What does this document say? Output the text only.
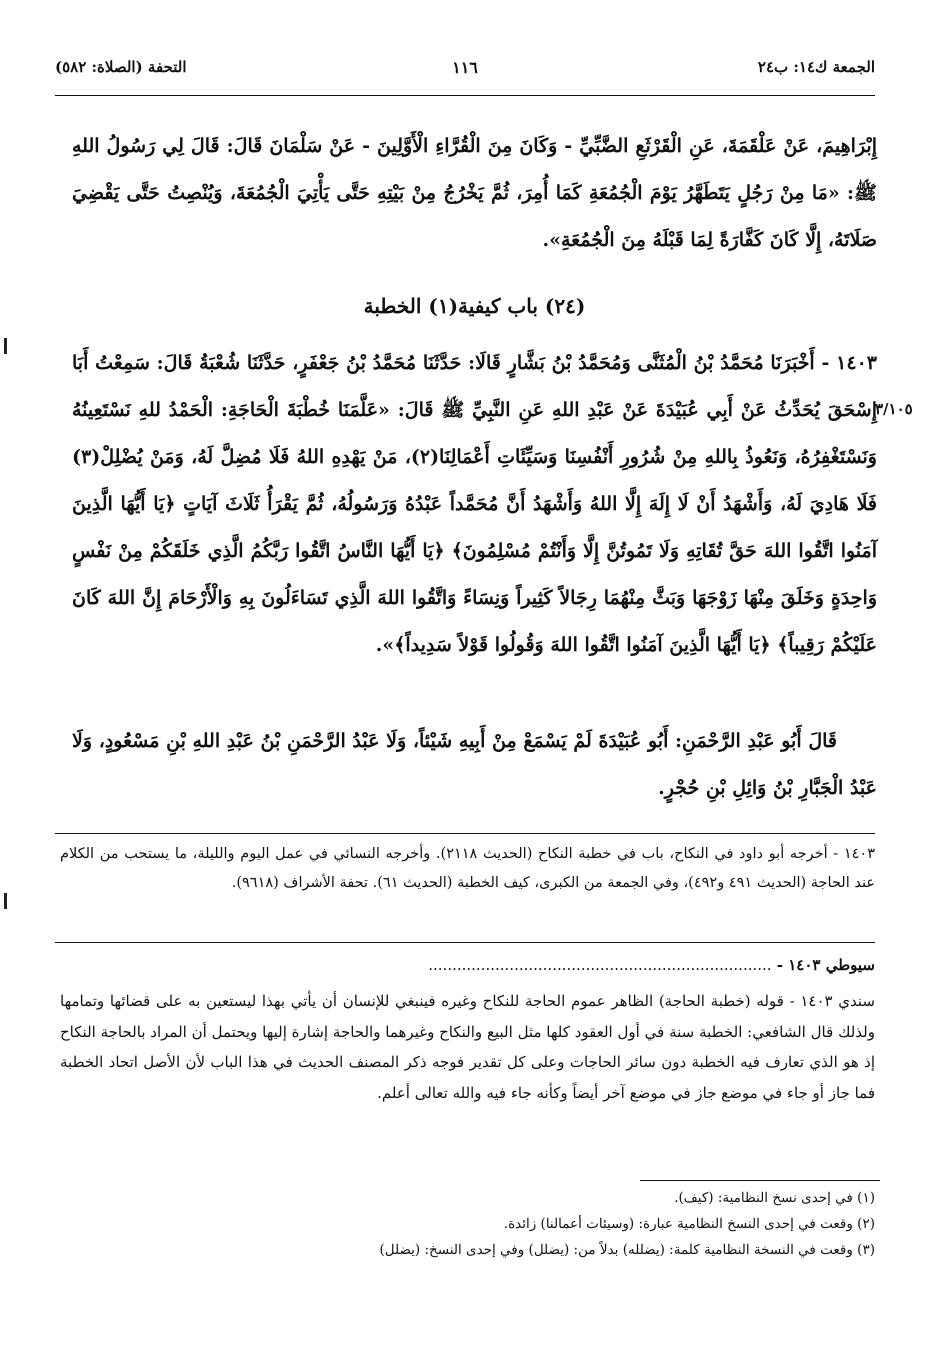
الجمعة ك١٤: ب٢٤
١١٦
التحفة (الصلاة: ٥٨٢)
٣/١٠٥
إِبْرَاهِيمَ، عَنْ عَلْقَمَةَ، عَنِ الْقَرْثَعِ الضَّبِّيِّ - وَكَانَ مِنَ الْقُرَّاءِ الْأَوَّلِينَ - عَنْ سَلْمَانَ قَالَ: قَالَ لِي رَسُولُ اللهِ ﷺ: «مَا مِنْ رَجُلٍ يَتَطَهَّرُ يَوْمَ الْجُمُعَةِ كَمَا أُمِرَ، ثُمَّ يَخْرُجُ مِنْ بَيْتِهِ حَتَّى يَأْتِيَ الْجُمُعَةَ، وَيُنْصِتُ حَتَّى يَقْضِيَ صَلَاتَهُ، إِلَّا كَانَ كَفَّارَةً لِمَا قَبْلَهُ مِنَ الْجُمُعَةِ».
(٢٤) باب كيفية(١) الخطبة
١٤٠٣ - أَخْبَرَنَا مُحَمَّدُ بْنُ الْمُثَنَّى وَمُحَمَّدُ بْنُ بَشَّارٍ قَالَا: حَدَّثَنَا مُحَمَّدُ بْنُ جَعْفَرٍ، حَدَّثَنَا شُعْبَةُ قَالَ: سَمِعْتُ أَبَا إِسْحَقَ يُحَدِّثُ عَنْ أَبِي عُبَيْدَةَ عَنْ عَبْدِ اللهِ عَنِ النَّبِيِّ ﷺ قَالَ: «عَلَّمَنَا خُطْبَةَ الْحَاجَةِ: الْحَمْدُ للهِ نَسْتَعِينُهُ وَنَسْتَغْفِرُهُ، وَنَعُوذُ بِاللهِ مِنْ شُرُورِ أَنْفُسِنَا وَسَيِّئَاتِ أَعْمَالِنَا(٢)، مَنْ يَهْدِهِ اللهُ فَلَا مُضِلَّ لَهُ، وَمَنْ يُضْلِلْ(٣) فَلَا هَادِيَ لَهُ، وَأَشْهَدُ أَنْ لَا إِلَهَ إِلَّا اللهُ وَأَشْهَدُ أَنَّ مُحَمَّداً عَبْدُهُ وَرَسُولُهُ، ثُمَّ يَقْرَأُ ثَلَاثَ آيَاتٍ ﴿يَا أَيُّهَا الَّذِينَ آمَنُوا اتَّقُوا اللهَ حَقَّ تُقَاتِهِ وَلَا تَمُوتُنَّ إِلَّا وَأَنْتُمْ مُسْلِمُونَ﴾ ﴿يَا أَيُّهَا النَّاسُ اتَّقُوا رَبَّكُمُ الَّذِي خَلَقَكُمْ مِنْ نَفْسٍ وَاحِدَةٍ وَخَلَقَ مِنْهَا زَوْجَهَا وَبَثَّ مِنْهُمَا رِجَالاً كَثِيراً وَنِسَاءً وَاتَّقُوا اللهَ الَّذِي تَسَاءَلُونَ بِهِ وَالْأَرْحَامَ إِنَّ اللهَ كَانَ عَلَيْكُمْ رَقِيباً﴾ ﴿يَا أَيُّهَا الَّذِينَ آمَنُوا اتَّقُوا اللهَ وَقُولُوا قَوْلاً سَدِيداً﴾».
قَالَ أَبُو عَبْدِ الرَّحْمَنِ: أَبُو عُبَيْدَةَ لَمْ يَسْمَعْ مِنْ أَبِيهِ شَيْئاً، وَلَا عَبْدُ الرَّحْمَنِ بْنُ عَبْدِ اللهِ بْنِ مَسْعُودٍ، وَلَا عَبْدُ الْجَبَّارِ بْنُ وَائِلِ بْنِ حُجْرٍ.
١٤٠٣ - أخرجه أبو داود في النكاح، باب في خطبة النكاح (الحديث ٢١١٨). وأخرجه النسائي في عمل اليوم والليلة، ما يستحب من الكلام عند الحاجة (الحديث ٤٩١ و٤٩٢)، وفي الجمعة من الكبرى، كيف الخطبة (الحديث ٦١). تحفة الأشراف (٩٦١٨).
سيوطي ١٤٠٣ - ........................................................................
سندي ١٤٠٣ - قوله (خطبة الحاجة) الظاهر عموم الحاجة للنكاح وغيره فينبغي للإنسان أن يأتي بهذا ليستعين به على قضائها وتمامها ولذلك قال الشافعي: الخطبة سنة في أول العقود كلها مثل البيع والنكاح وغيرهما والحاجة إشارة إليها ويحتمل أن المراد بالحاجة النكاح إذ هو الذي تعارف فيه الخطبة دون سائر الحاجات وعلى كل تقدير فوجه ذكر المصنف الحديث في هذا الباب لأن الأصل اتحاد الخطبة فما جاز أو جاء في موضع جاز في موضع آخر أيضاً وكأنه جاء فيه والله تعالى أعلم.
(١) في إحدى نسخ النظامية: (كيف).
(٢) وقعت في إحدى النسخ النظامية عبارة: (وسيئات أعمالنا) زائدة.
(٣) وقعت في النسخة النظامية كلمة: (يضلله) بدلاً من: (يضلل) وفي إحدى النسخ: (يضلل)
